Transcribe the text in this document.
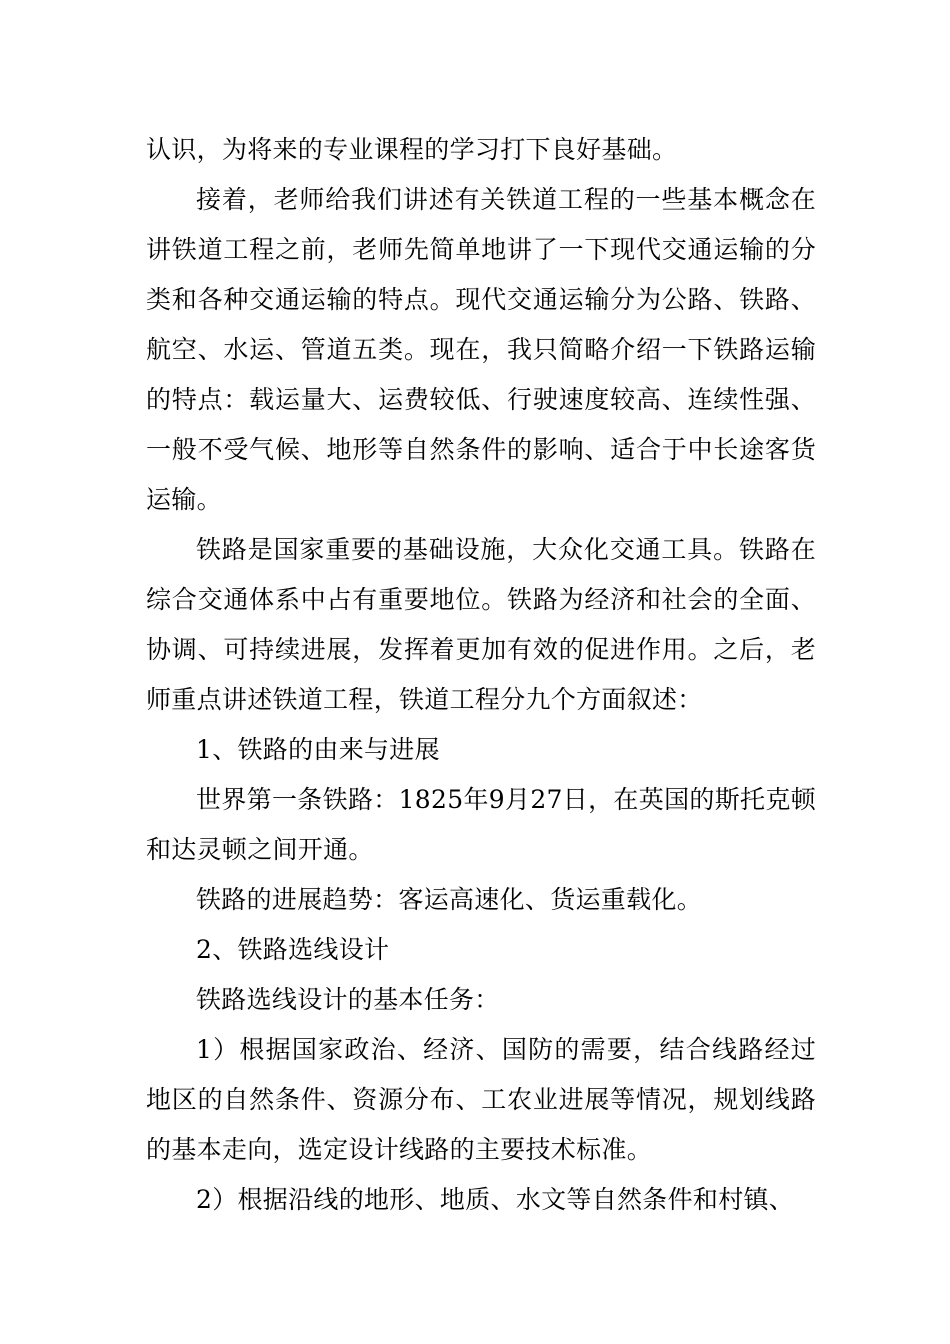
认识，为将来的专业课程的学习打下良好基础。

接着，老师给我们讲述有关铁道工程的一些基本概念在讲铁道工程之前，老师先简单地讲了一下现代交通运输的分类和各种交通运输的特点。现代交通运输分为公路、铁路、航空、水运、管道五类。现在，我只简略介绍一下铁路运输的特点：载运量大、运费较低、行驶速度较高、连续性强、一般不受气候、地形等自然条件的影响、适合于中长途客货运输。

铁路是国家重要的基础设施，大众化交通工具。铁路在综合交通体系中占有重要地位。铁路为经济和社会的全面、协调、可持续进展，发挥着更加有效的促进作用。之后，老师重点讲述铁道工程，铁道工程分九个方面叙述：

1、铁路的由来与进展

世界第一条铁路：1825年9月27日，在英国的斯托克顿和达灵顿之间开通。

铁路的进展趋势：客运高速化、货运重载化。

2、铁路选线设计

铁路选线设计的基本任务：

1）根据国家政治、经济、国防的需要，结合线路经过地区的自然条件、资源分布、工农业进展等情况，规划线路的基本走向，选定设计线路的主要技术标准。

2）根据沿线的地形、地质、水文等自然条件和村镇、
